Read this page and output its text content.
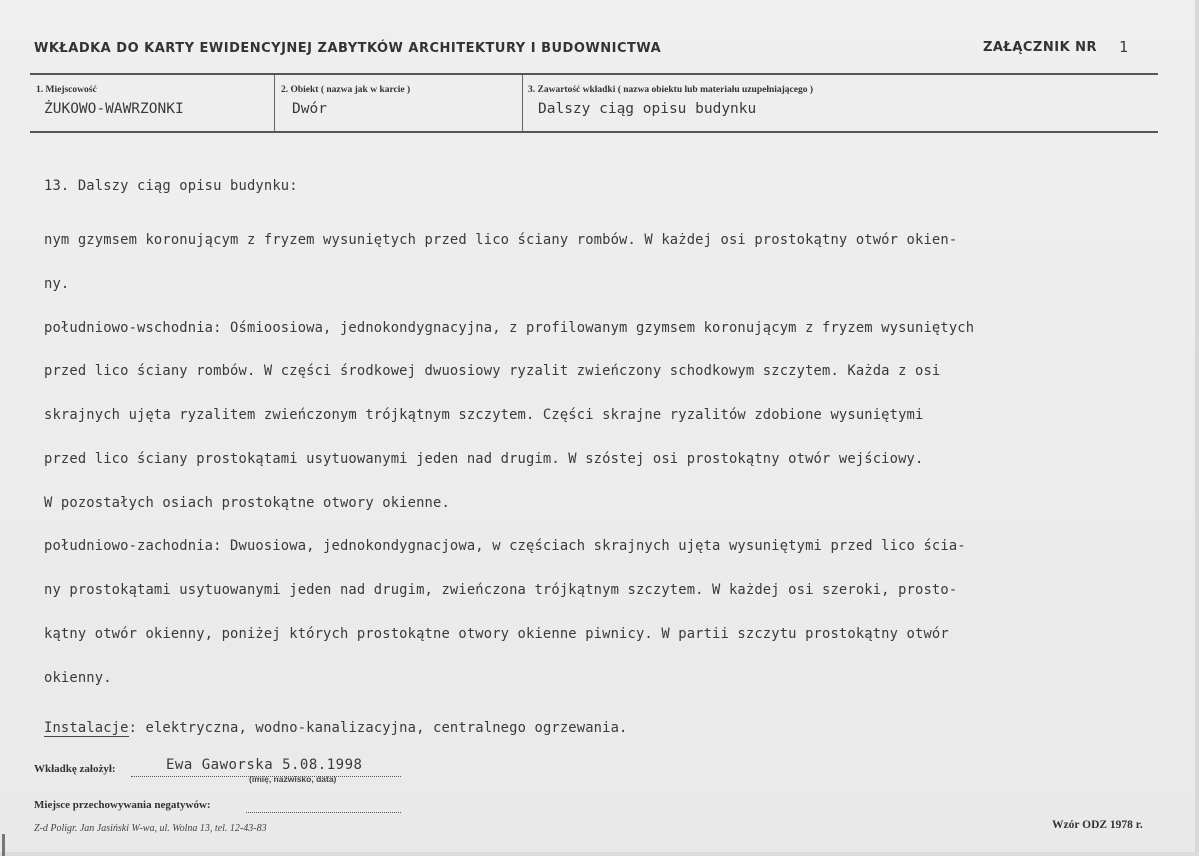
WKŁADKA DO KARTY EWIDENCYJNEJ ZABYTKÓW ARCHITEKTURY I BUDOWNICTWA	ZAŁĄCZNIK NR 1
1. Miejscowość
ŻUKOWO-WAWRZONKI
2. Obiekt ( nazwa jak w karcie )
Dwór
3. Zawartość wkładki ( nazwa obiektu lub materiału uzupełniającego )
Dalszy ciąg opisu budynku

13. Dalszy ciąg opisu budynku:

nym gzymsem koronującym z fryzem wysuniętych przed lico ściany rombów. W każdej osi prostokątny otwór okien-

ny.

południowo-wschodnia: Ośmioosiowa, jednokondygnacyjna, z profilowanym gzymsem koronującym z fryzem wysuniętych

przed lico ściany rombów. W części środkowej dwuosiowy ryzalit zwieńczony schodkowym szczytem. Każda z osi

skrajnych ujęta ryzalitem zwieńczonym trójkątnym szczytem. Części skrajne ryzalitów zdobione wysuniętymi

przed lico ściany prostokątami usytuowanymi jeden nad drugim. W szóstej osi prostokątny otwór wejściowy.

W pozostałych osiach prostokątne otwory okienne.

południowo-zachodnia: Dwuosiowa, jednokondygnacjowa, w częściach skrajnych ujęta wysuniętymi przed lico ścia-

ny prostokątami usytuowanymi jeden nad drugim, zwieńczona trójkątnym szczytem. W każdej osi szeroki, prosto-

kątny otwór okienny, poniżej których prostokątne otwory okienne piwnicy. W partii szczytu prostokątny otwór

okienny.

Instalacje: elektryczna, wodno-kanalizacyjna, centralnego ogrzewania.

Wkładkę założył:	Ewa Gaworska 5.08.1998
(imię, nazwisko, data)
Miejsce przechowywania negatywów:
Z-d Poligr. Jan Jasiński W-wa, ul. Wolna 13, tel. 12-43-83	Wzór ODZ 1978 r.
